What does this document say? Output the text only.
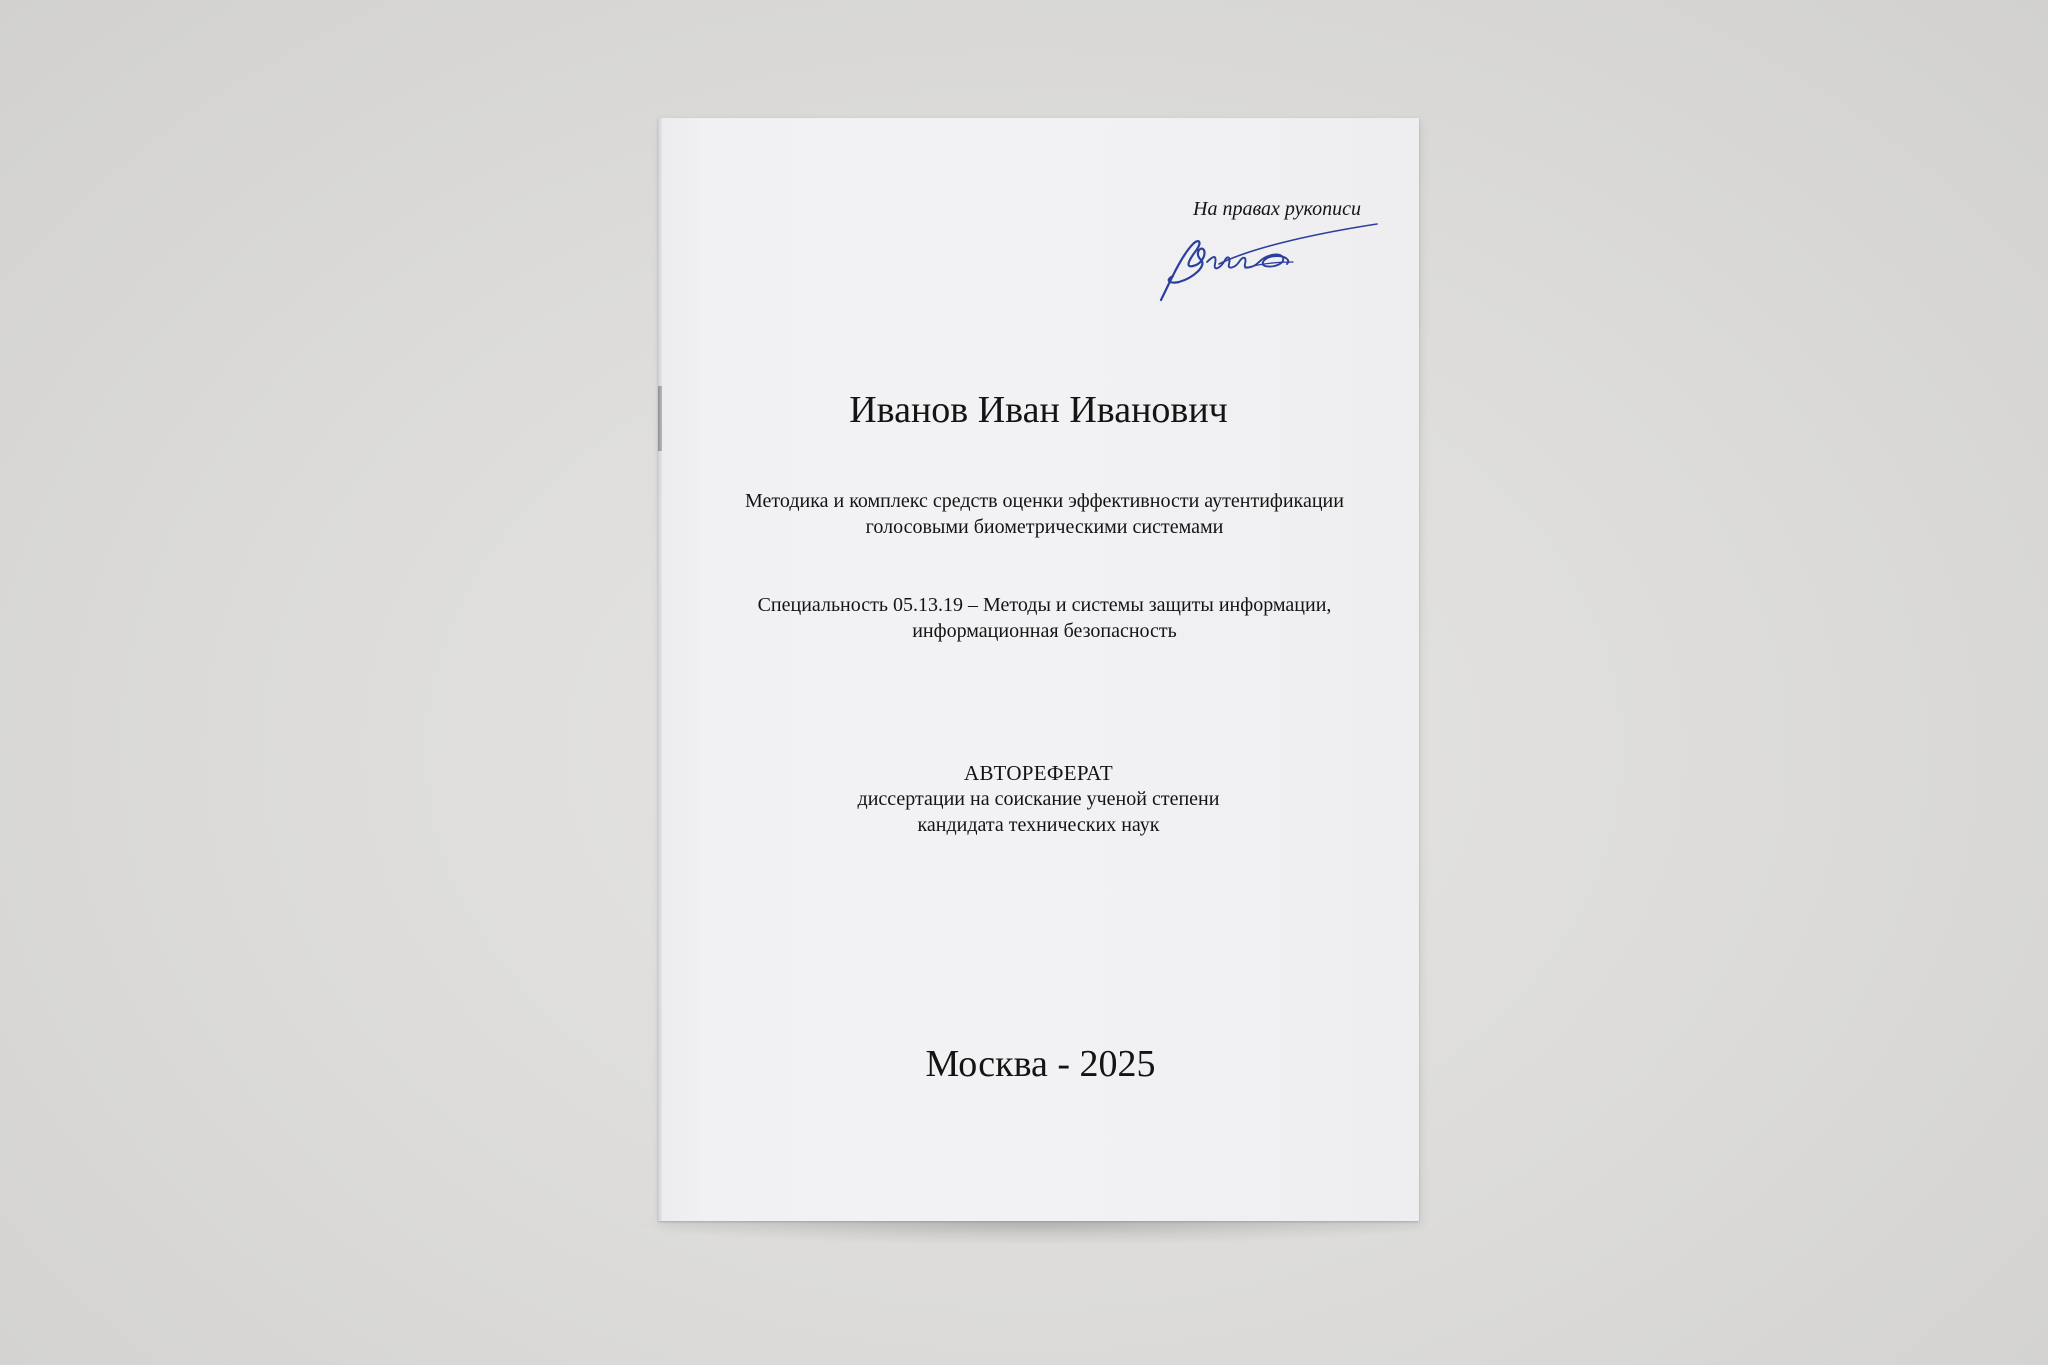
На правах рукописи
Иванов Иван Иванович
Методика и комплекс средств оценки эффективности аутентификации
голосовыми биометрическими системами
Специальность 05.13.19 – Методы и системы защиты информации,
информационная безопасность
АВТОРЕФЕРАТ
диссертации на соискание ученой степени
кандидата технических наук
Москва - 2025
